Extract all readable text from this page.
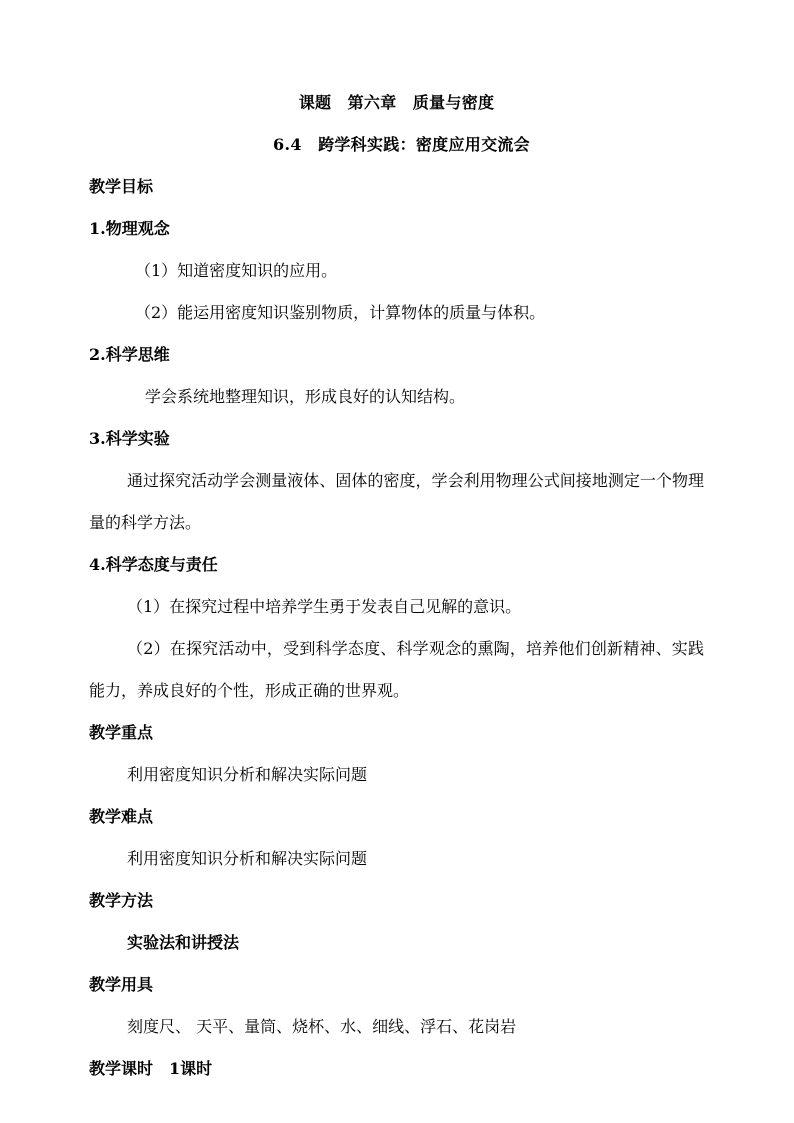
课题　第六章　质量与密度
6.4　跨学科实践：密度应用交流会
教学目标
1.物理观念
（1）知道密度知识的应用。
（2）能运用密度知识鉴别物质，计算物体的质量与体积。
2.科学思维
学会系统地整理知识，形成良好的认知结构。
3.科学实验
通过探究活动学会测量液体、固体的密度，学会利用物理公式间接地测定一个物理量的科学方法。
4.科学态度与责任
（1）在探究过程中培养学生勇于发表自己见解的意识。
（2）在探究活动中，受到科学态度、科学观念的熏陶，培养他们创新精神、实践能力，养成良好的个性，形成正确的世界观。
教学重点
利用密度知识分析和解决实际问题
教学难点
利用密度知识分析和解决实际问题
教学方法
实验法和讲授法
教学用具
刻度尺、 天平、量筒、烧杯、水、细线、浮石、花岗岩
教学课时　1课时
